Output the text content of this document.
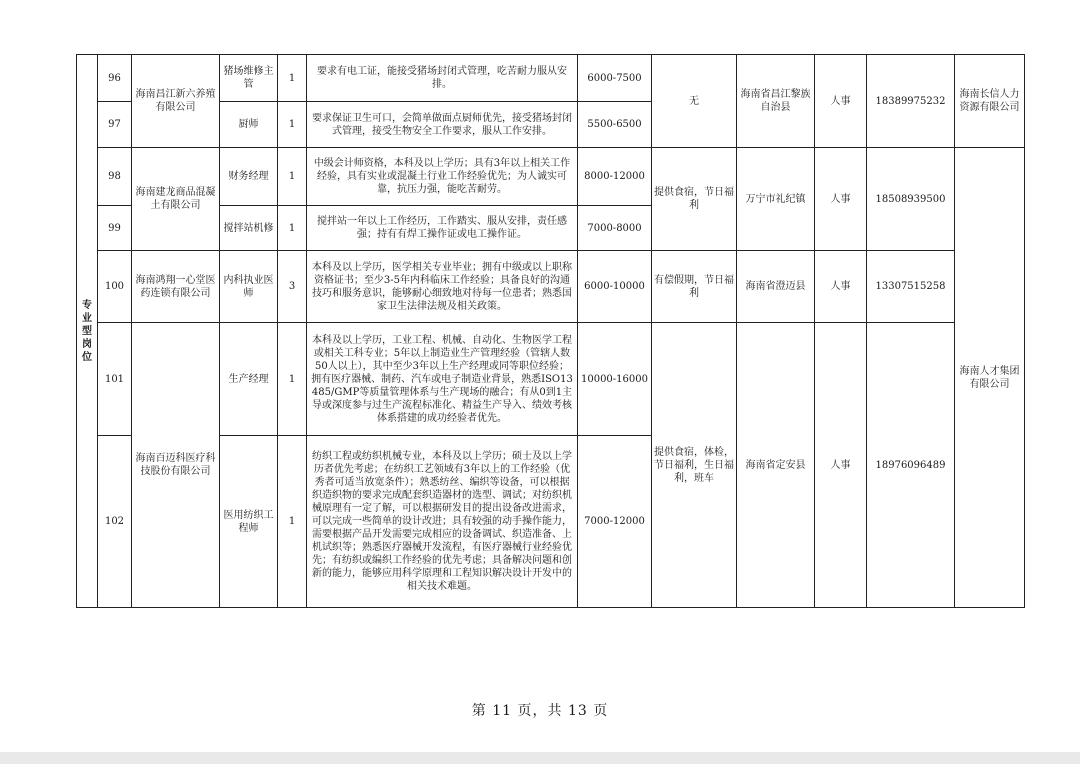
专业型岗位	96	海南昌江新六养殖有限公司	猪场维修主管	1	要求有电工证，能接受猪场封闭式管理，吃苦耐力服从安排。	6000-7500	无	海南省昌江黎族自治县	人事	18389975232	海南长信人力资源有限公司
	97		厨师	1	要求保证卫生可口，会简单做面点厨师优先，接受猪场封闭式管理，接受生物安全工作要求，服从工作安排。	5500-6500					
	98	海南建龙商品混凝土有限公司	财务经理	1	中级会计师资格，本科及以上学历；具有3年以上相关工作经验，具有实业或混凝土行业工作经验优先；为人诚实可靠，抗压力强，能吃苦耐劳。	8000-12000	提供食宿，节日福利	万宁市礼纪镇	人事	18508939500	海南人才集团有限公司
	99		搅拌站机修	1	搅拌站一年以上工作经历，工作踏实、服从安排，责任感强；持有有焊工操作证或电工操作证。	7000-8000					
	100	海南鸿翔一心堂医药连锁有限公司	内科执业医师	3	本科及以上学历，医学相关专业毕业；拥有中级或以上职称资格证书；至少3-5年内科临床工作经验；具备良好的沟通技巧和服务意识，能够耐心细致地对待每一位患者；熟悉国家卫生法律法规及相关政策。	6000-10000	有偿假期，节日福利	海南省澄迈县	人事	13307515258	
	101	海南百迈科医疗科技股份有限公司	生产经理	1	本科及以上学历，工业工程、机械、自动化、生物医学工程或相关工科专业；5年以上制造业生产管理经验（管辖人数50人以上），其中至少3年以上生产经理或同等职位经验；拥有医疗器械、制药、汽车或电子制造业背景，熟悉ISO13485/GMP等质量管理体系与生产现场的融合；有从0到1主导或深度参与过生产流程标准化、精益生产导入、绩效考核体系搭建的成功经验者优先。	10000-16000	提供食宿，体检，节日福利，生日福利，班车	海南省定安县	人事	18976096489	
	102		医用纺织工程师	1	纺织工程或纺织机械专业，本科及以上学历；硕士及以上学历者优先考虑；在纺织工艺领域有3年以上的工作经验（优秀者可适当放宽条件）；熟悉纺丝、编织等设备，可以根据织造织物的要求完成配套织造器材的选型、调试；对纺织机械原理有一定了解，可以根据研发目的提出设备改进需求，可以完成一些简单的设计改进；具有较强的动手操作能力，需要根据产品开发需要完成相应的设备调试、织造准备、上机试织等；熟悉医疗器械开发流程，有医疗器械行业经验优先；有纺织或编织工作经验的优先考虑；具备解决问题和创新的能力，能够应用科学原理和工程知识解决设计开发中的相关技术难题。	7000-12000					
第 11 页，共 13 页
